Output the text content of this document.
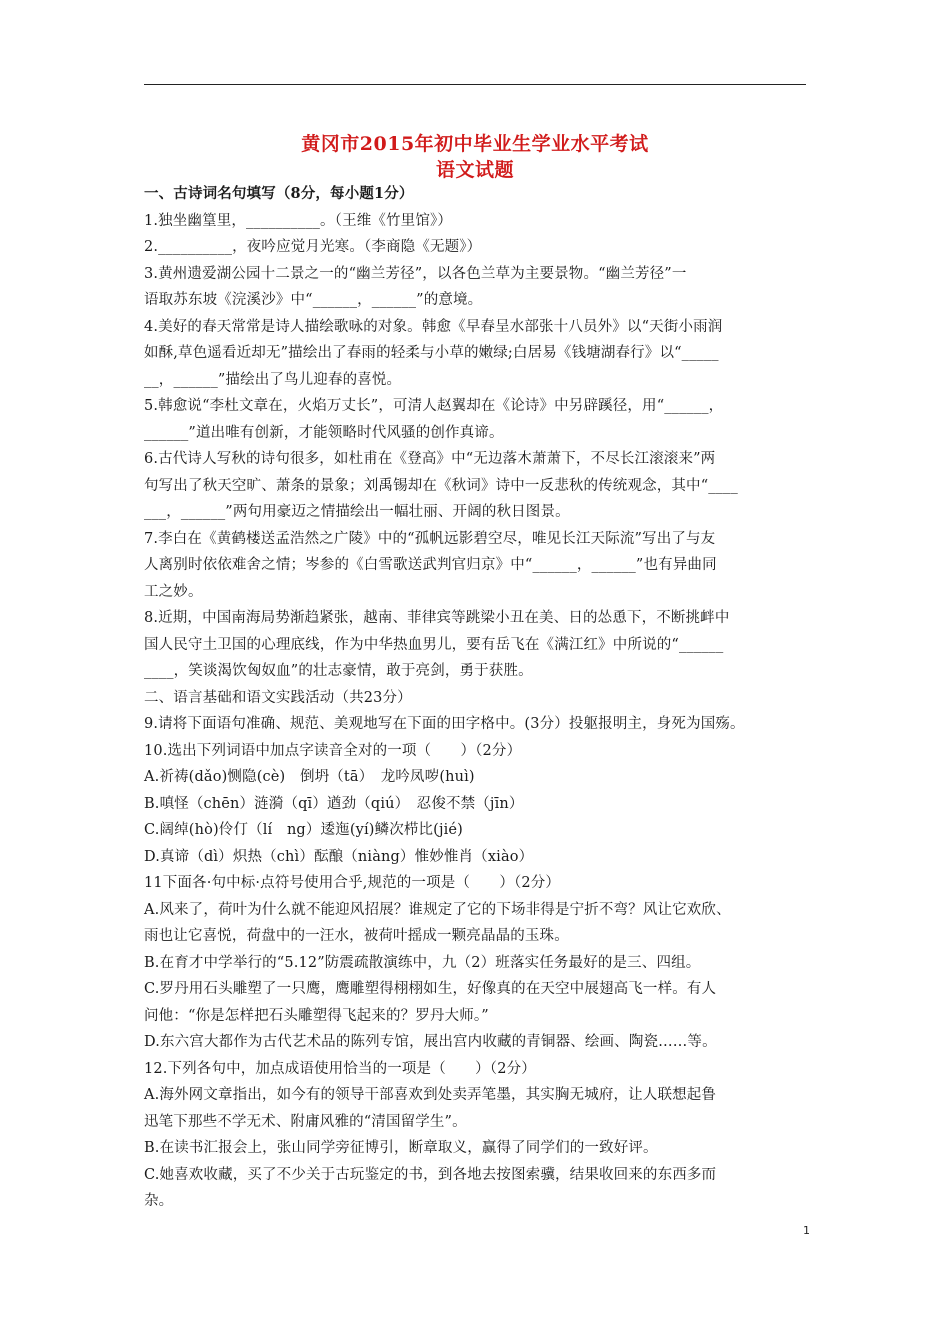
黄冈市2015年初中毕业生学业水平考试
语文试题
一、古诗词名句填写（8分，每小题1分）
1.独坐幽篁里，__________。（王维《竹里馆》）
2.__________，夜吟应觉月光寒。（李商隐《无题》）
3.黄州遗爱湖公园十二景之一的“幽兰芳径”，以各色兰草为主要景物。“幽兰芳径”一
语取苏东坡《浣溪沙》中“______，______”的意境。
4.美好的春天常常是诗人描绘歌咏的对象。韩愈《早春呈水部张十八员外》以“天街小雨润
如酥,草色遥看近却无”描绘出了春雨的轻柔与小草的嫩绿;白居易《钱塘湖春行》以“_____
__，______”描绘出了鸟儿迎春的喜悦。
5.韩愈说“李杜文章在，火焰万丈长”，可清人赵翼却在《论诗》中另辟蹊径，用“______，
______”道出唯有创新，才能领略时代风骚的创作真谛。
6.古代诗人写秋的诗句很多，如杜甫在《登高》中“无边落木萧萧下，不尽长江滚滚来”两
句写出了秋天空旷、萧条的景象；刘禹锡却在《秋词》诗中一反悲秋的传统观念，其中“____
___，______”两句用豪迈之情描绘出一幅壮丽、开阔的秋日图景。
7.李白在《黄鹤楼送孟浩然之广陵》中的“孤帆远影碧空尽，唯见长江天际流”写出了与友
人离别时依依难舍之情；岑参的《白雪歌送武判官归京》中“______，______”也有异曲同
工之妙。
8.近期，中国南海局势渐趋紧张，越南、菲律宾等跳梁小丑在美、日的怂恿下，不断挑衅中
国人民守土卫国的心理底线，作为中华热血男儿，要有岳飞在《满江红》中所说的“______
____，笑谈渴饮匈奴血”的壮志豪情，敢于亮剑，勇于获胜。
二、语言基础和语文实践活动（共23分）
9.请将下面语句准确、规范、美观地写在下面的田字格中。(3分）投躯报明主，身死为国殇。
10.选出下列词语中加点字读音全对的一项（　　）（2分）
A.祈祷(dǎo)恻隐(cè)　倒坍（tā）　龙吟凤哕(huì)
B.嗔怪（chēn）涟漪（qī）遒劲（qiú）　忍俊不禁（jīn）
C.阔绰(hò)伶仃（lí　ng）逶迤(yí)鳞次栉比(jié)
D.真谛（dì）炽热（chì）酝酿（niàng）惟妙惟肖（xiào）
11下面各·句中标·点符号使用合乎,规范的一项是（　　）（2分）
A.风来了，荷叶为什么就不能迎风招展？谁规定了它的下场非得是宁折不弯？风让它欢欣、
雨也让它喜悦，荷盘中的一汪水，被荷叶摇成一颗亮晶晶的玉珠。
B.在育才中学举行的“5.12”防震疏散演练中，九（2）班落实任务最好的是三、四组。
C.罗丹用石头雕塑了一只鹰，鹰雕塑得栩栩如生，好像真的在天空中展翅高飞一样。有人
问他：“你是怎样把石头雕塑得飞起来的？罗丹大师。”
D.东六宫大都作为古代艺术品的陈列专馆，展出宫内收藏的青铜器、绘画、陶瓷……等。
12.下列各句中，加点成语使用恰当的一项是（　　）（2分）
A.海外网文章指出，如今有的领导干部喜欢到处卖弄笔墨，其实胸无城府，让人联想起鲁
迅笔下那些不学无术、附庸风雅的“清国留学生”。
B.在读书汇报会上，张山同学旁征博引，断章取义，赢得了同学们的一致好评。
C.她喜欢收藏，买了不少关于古玩鉴定的书，到各地去按图索骥，结果收回来的东西多而
杂。
1
